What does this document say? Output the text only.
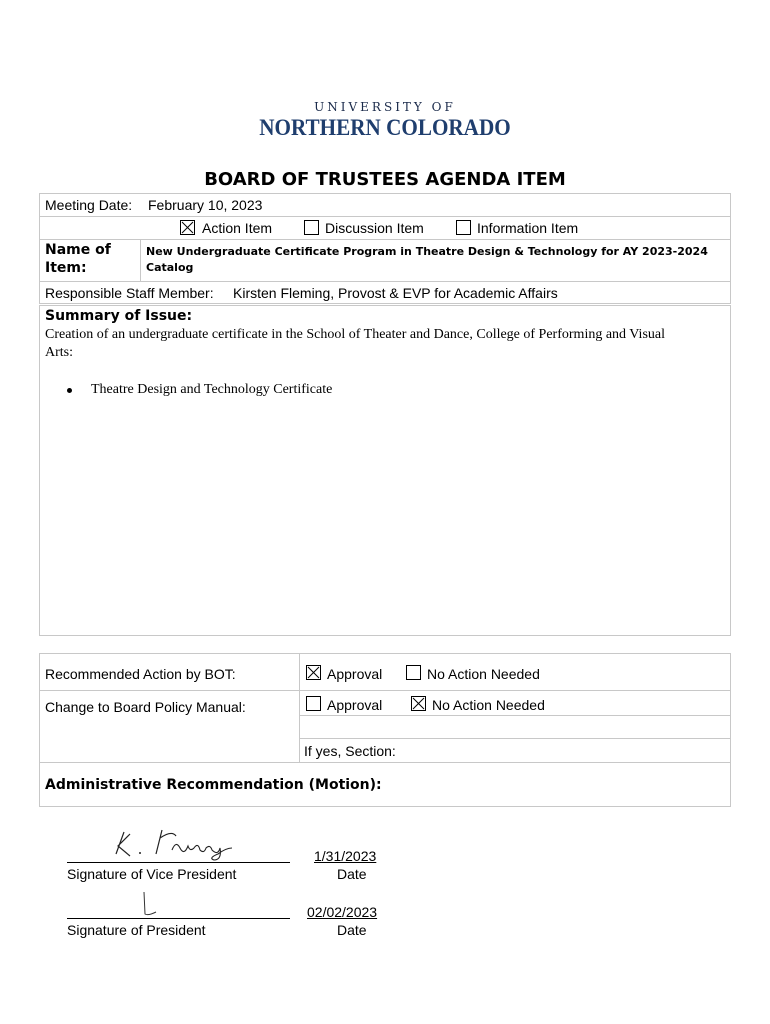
UNIVERSITY OF
NORTHERN COLORADO
BOARD OF TRUSTEES AGENDA ITEM
Meeting Date: February 10, 2023
Action Item	Discussion Item	Information Item
Name of
Item:
New Undergraduate Certificate Program in Theatre Design & Technology for AY 2023-2024
Catalog
Responsible Staff Member: Kirsten Fleming, Provost & EVP for Academic Affairs
Summary of Issue:
Creation of an undergraduate certificate in the School of Theater and Dance, College of Performing and Visual
Arts:
Theatre Design and Technology Certificate
Recommended Action by BOT:	Approval	No Action Needed
Change to Board Policy Manual:	Approval	No Action Needed
If yes, Section:
Administrative Recommendation (Motion):
Signature of Vice President
1/31/2023
Date
Signature of President
02/02/2023
Date
